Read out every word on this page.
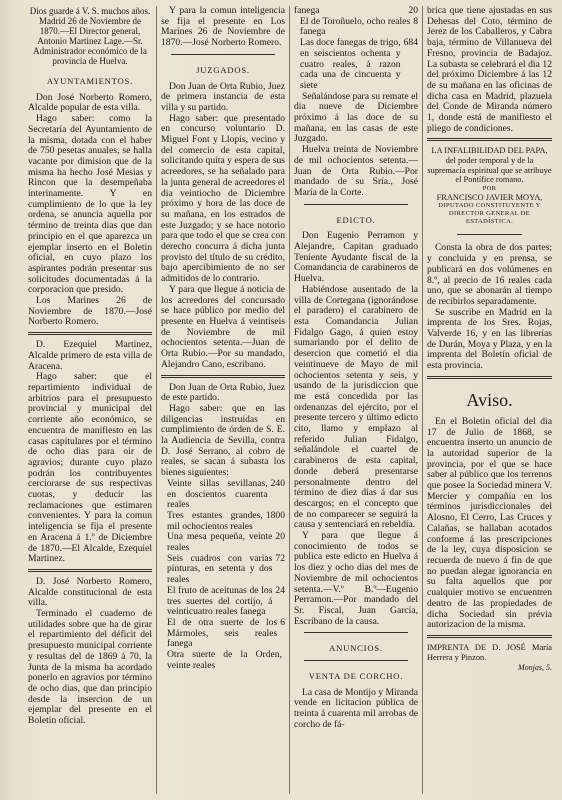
Dios guarde á V. S. muchos años. Madrid 26 de Noviembre de 1870.—El Director general, Antonio Martinez Lage.—Sr. Administrador económico de la provincia de Huelva.

AYUNTAMIENTOS.

Don José Norberto Romero, Alcalde popular de esta villa.

Hago saber: como la Secretaría del Ayuntamiento de la misma, dotada con el haber de 750 pesetas anuales, se halla vacante por dimision que de la misma ha hecho José Mesias y Rincon que la desempeñaba interinamente. Y en cumplimiento de lo que la ley ordena, se anuncia aquella por término de treinta dias que dan principio en el que aparezca un ejemplar inserto en el Boletin oficial, en cuyo plazo los aspirantes podrán presentar sus solicitudes documentadas á la corporacion que presido.

Los Marines 26 de Noviembre de 1870.—José Norberto Romero.

D. Ezequiel Martinez, Alcalde primero de esta villa de Aracena.

Hago saber: que el repartimiento individual de arbitrios para el presupuesto provincial y municipal del corriente año económico, se encuentra de manifiesto en las casas capitulares por el término de ocho dias para oir de agravios; durante cuyo plazo podrán los contribuyentes cerciorarse de sus respectivas cuotas, y deducir las reclamaciones que estimaren convenientes. Y para la comun inteligencia se fija el presente en Aracena á 1.º de Diciembre de 1870.—El Alcalde, Ezequiel Martinez.

D. José Norberto Romero, Alcalde constitucional de esta villa.

Terminado el cuaderno de utilidades sobre que ha de girar el repartimiento del déficit del presupuesto municipal corriente y resultas del de 1869 á 70, la Junta de la misma ha acordado ponerlo en agravios por término de ocho dias, que dan principio desde la insercion de un ejemplar del presente en el Boletin oficial.

Y para la comun inteligencia se fija el presente en Los Marines 26 de Noviembre de 1870.—José Norberto Romero.

JUZGADOS.

Don Juan de Orta Rubio, Juez de primera instancia de esta villa y su partido.

Hago saber: que presentado en concurso voluntario D. Miguel Font y Llopis, vecino y del comercio de esta capital, solicitando quita y espera de sus acreedores, se ha señalado para la junta general de acreedores el dia veintiocho de Diciembre próximo y hora de las doce de su mañana, en los estrados de este Juzgado; y se hace notorio para que todo el que se crea con derecho concurra á dicha junta provisto del título de su crédito, bajo apercibimiento de no ser admitidos de lo contrario.

Y para que llegue á noticia de los acreedores del concursado se hace público por medio del presente en Huelva á veintiseis de Noviembre de mil ochocientos setenta.—Juan de Orta Rubio.—Por su mandado, Alejandro Cano, escribano.

Don Juan de Orta Rubio, Juez de este partido.

Hago saber: que en las diligencias instruidas en cumplimiento de órden de S. E. la Audiencia de Sevilla, contra D. José Serrano, al cobro de reales, se sacan á subasta los bienes siguientes:

Veinte sillas sevillanas, en doscientos cuarenta reales
240
Tres estantes grandes, mil ochocientos reales
1800
Una mesa pequeña, veinte reales
20
Seis cuadros con varias pinturas, en setenta y dos reales
72
El fruto de aceitunas de los tres suertes del cortijo, á veinticuatro reales fanega
24
El de otra suerte de los Mármoles, seis reales fanega
6
Otra suerte de la Orden, veinte reales
fanega	20
El de Toroñuelo, ocho reales fanega
8
Las doce fanegas de trigo, en seiscientos ochenta y cuatro reales, á razon cada una de cincuenta y siete
684

Señalándose para su remate el dia nueve de Diciembre próximo á las doce de su mañana, en las casas de este Juzgado.

Huelva treinta de Noviembre de mil ochocientos setenta.—Juan de Orta Rubio.—Por mandado de su Sría., José María de la Corte.

EDICTO.

Don Eugenio Perramon y Alejandre, Capitan graduado Teniente Ayudante fiscal de la Comandancia de carabineros de Huelva.

Habiéndose ausentado de la villa de Cortegana (ignorándose el paradero) el carabinero de esta Comandancia Julian Fidalgo Gago, á quien estoy sumariando por el delito de desercion que cometió el dia veintinueve de Mayo de mil ochocientos setenta y seis, y usando de la jurisdiccion que me está concedida por las ordenanzas del ejército, por el presente tercero y último edicto cito, llamo y emplazo al referido Julian Fidalgo, señalándole el cuartel de carabineros de esta capital, donde deberá presentarse personalmente dentro del término de diez dias á dar sus descargos; en el concepto que de no comparecer se seguirá la causa y sentenciará en rebeldía.

Y para que llegue á conocimiento de todos se publica este edicto en Huelva á los diez y ocho dias del mes de Noviembre de mil ochocientos setenta.—V.º B.º—Eugenio Perramon.—Por mandado del Sr. Fiscal, Juan García, Escribano de la causa.

ANUNCIOS.
VENTA DE CORCHO.

La casa de Montijo y Miranda vende en licitacion pública de treinta á cuarenta mil arrobas de corcho de fá-

brica que tiene ajustadas en sus Dehesas del Coto, término de Jerez de los Caballeros, y Cabra baja, término de Villanueva del Fresno, provincia de Badajoz. La subasta se celebrará el dia 12 del próximo Diciembre á las 12 de su mañana en las oficinas de dicha casa en Madrid, plazuela del Conde de Miranda número 1, donde está de manifiesto el pliego de condiciones.

LA INFALIBILIDAD DEL PAPA,
del poder temporal y de la supremacía espiritual que se atribuye el Pontífice romano.
POR
FRANCISCO JAVIER MOYA,
DIPUTADO CONSTITUYENTE Y DIRECTOR GENERAL DE ESTADÍSTICA.

Consta la obra de dos partes; y concluida y en prensa, se publicará en dos volúmenes en 8.º, al precio de 16 reales cada uno, que se abonarán al tiempo de recibirlos separadamente.

Se suscribe en Madrid en la imprenta de los Sres. Rojas, Valverde 16, y en las librerías de Durán, Moya y Plaza, y en la imprenta del Boletín oficial de esta provincia.

Aviso.

En el Boletin oficial del dia 17 de Julio de 1868, se encuentra inserto un anuncio de la autoridad superior de la provincia, por el que se hace saber al público que los terrenos que posee la Sociedad minera V. Mercier y compañía en los términos jurisdiccionales del Alosno, El Cerro, Las Cruces y Calañas, se hallaban acotados conforme á las prescripciones de la ley, cuya disposicion se recuerda de nuevo á fin de que no puedan alegar ignorancia en su falta aquellos que por cualquier motivo se encuentren dentro de las propiedades de dicha Sociedad sin prévia autorizacion de la misma.

IMPRENTA DE D. JOSÉ María Herrera y Pinzon.

Monjas, 5.
